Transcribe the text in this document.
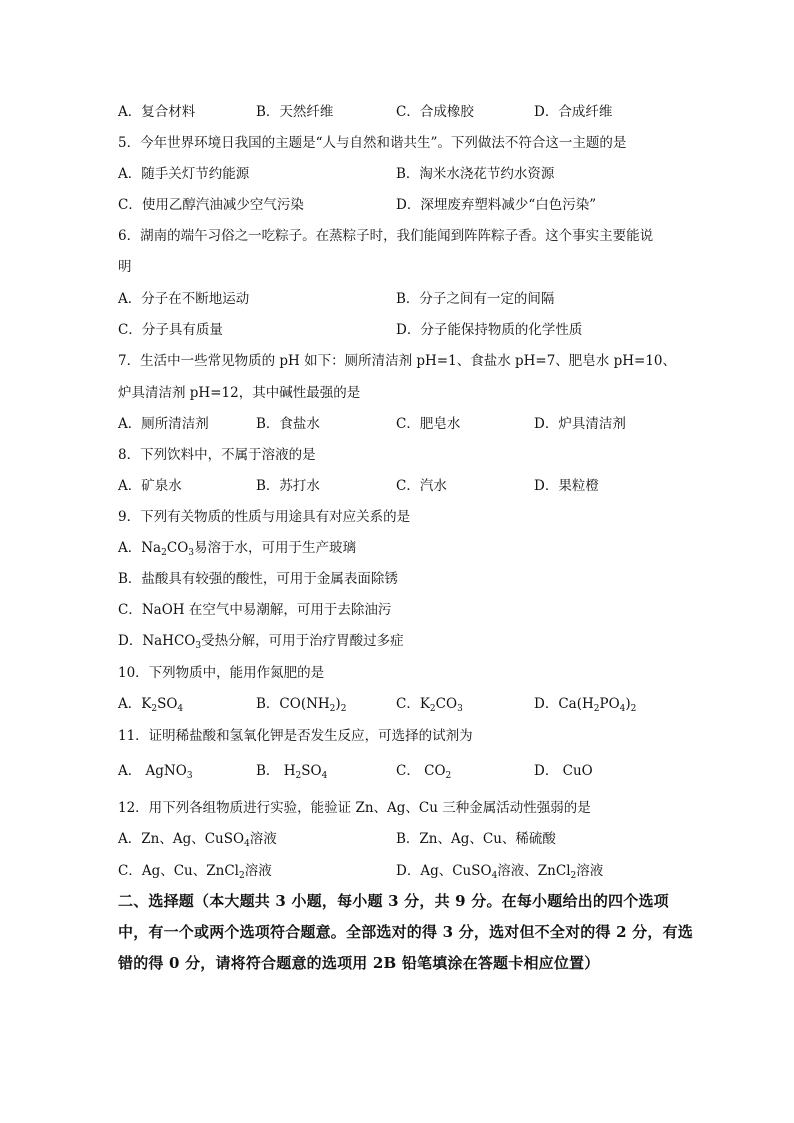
A．复合材料	B．天然纤维	C．合成橡胶	D．合成纤维
5．今年世界环境日我国的主题是“人与自然和谐共生”。下列做法不符合这一主题的是
A．随手关灯节约能源	B．淘米水浇花节约水资源
C．使用乙醇汽油减少空气污染	D．深埋废弃塑料减少“白色污染”
6．湖南的端午习俗之一吃粽子。在蒸粽子时，我们能闻到阵阵粽子香。这个事实主要能说
明
A．分子在不断地运动	B．分子之间有一定的间隔
C．分子具有质量	D．分子能保持物质的化学性质
7．生活中一些常见物质的 pH 如下：厕所清洁剂 pH=1、食盐水 pH=7、肥皂水 pH=10、
炉具清洁剂 pH=12，其中碱性最强的是
A．厕所清洁剂	B．食盐水	C．肥皂水	D．炉具清洁剂
8．下列饮料中，不属于溶液的是
A．矿泉水	B．苏打水	C．汽水	D．果粒橙
9．下列有关物质的性质与用途具有对应关系的是
A．$Na_2CO_3$易溶于水，可用于生产玻璃
B．盐酸具有较强的酸性，可用于金属表面除锈
C．NaOH 在空气中易潮解，可用于去除油污
D．NaHCO$_3$受热分解，可用于治疗胃酸过多症
10．下列物质中，能用作氮肥的是
A．$K_2SO_4$	B．$CO(NH_2)_2$	C．$K_2CO_3$	D．$Ca(H_2PO_4)_2$
11．证明稀盐酸和氢氧化钾是否发生反应，可选择的试剂为
A． AgNO$_3$	B． $H_2SO_4$	C． $CO_2$	D． CuO
12．用下列各组物质进行实验，能验证 Zn、Ag、Cu 三种金属活动性强弱的是
A．Zn、Ag、CuSO$_4$溶液	B．Zn、Ag、Cu、稀硫酸
C．Ag、Cu、ZnCl$_2$溶液	D．Ag、CuSO$_4$溶液、ZnCl$_2$溶液
二、选择题（本大题共 3 小题，每小题 3 分，共 9 分。在每小题给出的四个选项中，有一个或两个选项符合题意。全部选对的得 3 分，选对但不全对的得 2 分，有选错的得 0 分，请将符合题意的选项用 2B 铅笔填涂在答题卡相应位置）
